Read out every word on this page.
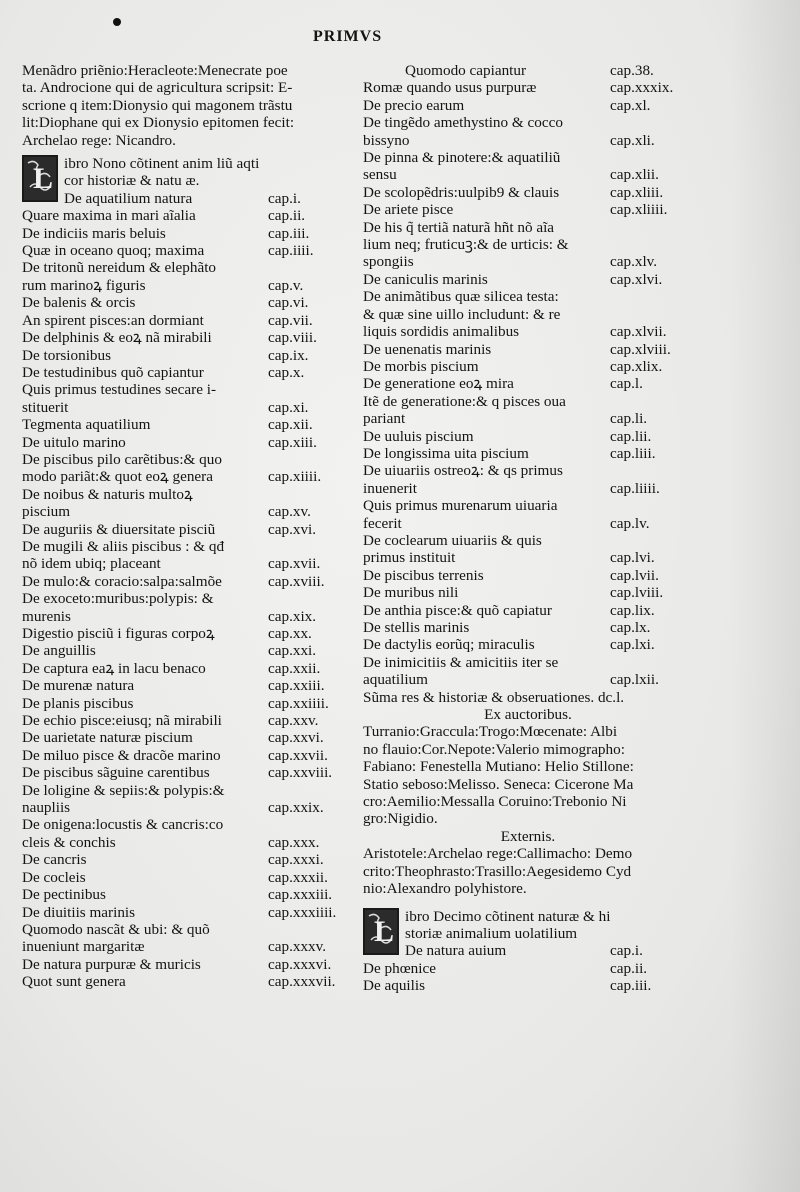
PRIMVS

Menãdro priẽnio:Heracleote:Menecrate poe

ta. Androcione qui de agricultura scripsit: E-

scrione q item:Dionysio qui magonem trãstu

lit:Diophane qui ex Dionysio epitomen fecit:

Archelao rege: Nicandro.

L ibro Nono cõtinent anim liũ aqti

cor historiæ & natu æ.

De aquatilium natura	cap.i.
Quare maxima in mari aĩalia	cap.ii.
De indiciis maris beluis	cap.iii.
Quæ in oceano quoq; maxima	cap.iiii.
De tritonũ nereidum & elephãto
rum marinoꝝ figuris	cap.v.
De balenis & orcis	cap.vi.
An spirent pisces:an dormiant	cap.vii.
De delphinis & eoꝝ nã mirabili	cap.viii.
De torsionibus	cap.ix.
De testudinibus quõ capiantur	cap.x.
Quis primus testudines secare i-
stituerit	cap.xi.
Tegmenta aquatilium	cap.xii.
De uitulo marino	cap.xiii.
De piscibus pilo carẽtibus:& quo
modo pariãt:& quot eoꝝ genera	cap.xiiii.
De noibus & naturis multoꝝ
piscium	cap.xv.
De auguriis & diuersitate pisciũ	cap.xvi.
De mugili & aliis piscibus : & qđ
nõ idem ubiq; placeant	cap.xvii.
De mulo:& coracio:salpa:salmõe	cap.xviii.
De exoceto:muribus:polypis: &
murenis	cap.xix.
Digestio pisciũ i figuras corpoꝝ	cap.xx.
De anguillis	cap.xxi.
De captura eaꝝ in lacu benaco	cap.xxii.
De murenæ natura	cap.xxiii.
De planis piscibus	cap.xxiiii.
De echio pisce:eiusq; nã mirabili	cap.xxv.
De uarietate naturæ piscium	cap.xxvi.
De miluo pisce & dracõe marino	cap.xxvii.
De piscibus sãguine carentibus	cap.xxviii.
De loligine & sepiis:& polypis:&
naupliis	cap.xxix.
De onigena:locustis & cancris:co
cleis & conchis	cap.xxx.
De cancris	cap.xxxi.
De cocleis	cap.xxxii.
De pectinibus	cap.xxxiii.
De diuitiis marinis	cap.xxxiiii.
Quomodo nascãt & ubi: & quõ
inueniunt margaritæ	cap.xxxv.
De natura purpuræ & muricis	cap.xxxvi.
Quot sunt genera	cap.xxxvii.
Quomodo capiantur	cap.38.
Romæ quando usus purpuræ	cap.xxxix.
De precio earum	cap.xl.
De tingẽdo amethystino & cocco
bissyno	cap.xli.
De pinna & pinotere:& aquatiliũ
sensu	cap.xlii.
De scolopẽdris:uulpib9 & clauis	cap.xliii.
De ariete pisce	cap.xliiii.
De his q̃ tertiã naturã hñt nõ aĩa
lium neq; fruticuꝫ:& de urticis: &
spongiis	cap.xlv.
De caniculis marinis	cap.xlvi.
De animãtibus quæ silicea testa:
& quæ sine uillo includunt: & re
liquis sordidis animalibus	cap.xlvii.
De uenenatis marinis	cap.xlviii.
De morbis piscium	cap.xlix.
De generatione eoꝝ mira	cap.l.
Itẽ de generatione:& q pisces oua
pariant	cap.li.
De uuluis piscium	cap.lii.
De longissima uita piscium	cap.liii.
De uiuariis ostreoꝝ: & qs primus
inuenerit	cap.liiii.
Quis primus murenarum uiuaria
fecerit	cap.lv.
De coclearum uiuariis & quis
primus instituit	cap.lvi.
De piscibus terrenis	cap.lvii.
De muribus nili	cap.lviii.
De anthia pisce:& quõ capiatur	cap.lix.
De stellis marinis	cap.lx.
De dactylis eorũq; miraculis	cap.lxi.
De inimicitiis & amicitiis iter se
aquatilium	cap.lxii.

Sũma res & historiæ & obseruationes. dc.l.

Ex auctoribus.

Turranio:Graccula:Trogo:Mœcenate: Albi

no flauio:Cor.Nepote:Valerio mimographo:

Fabiano: Fenestella Mutiano: Helio Stillone:

Statio seboso:Melisso. Seneca: Cicerone Ma

cro:Aemilio:Messalla Coruino:Trebonio Ni

gro:Nigidio.

Externis.

Aristotele:Archelao rege:Callimacho: Demo

crito:Theophrasto:Trasillo:Aegesidemo Cyd

nio:Alexandro polyhistore.

L ibro Decimo cõtinent naturæ & hi

storiæ animalium uolatilium

De natura auium	cap.i.
De phœnice	cap.ii.
De aquilis	cap.iii.
